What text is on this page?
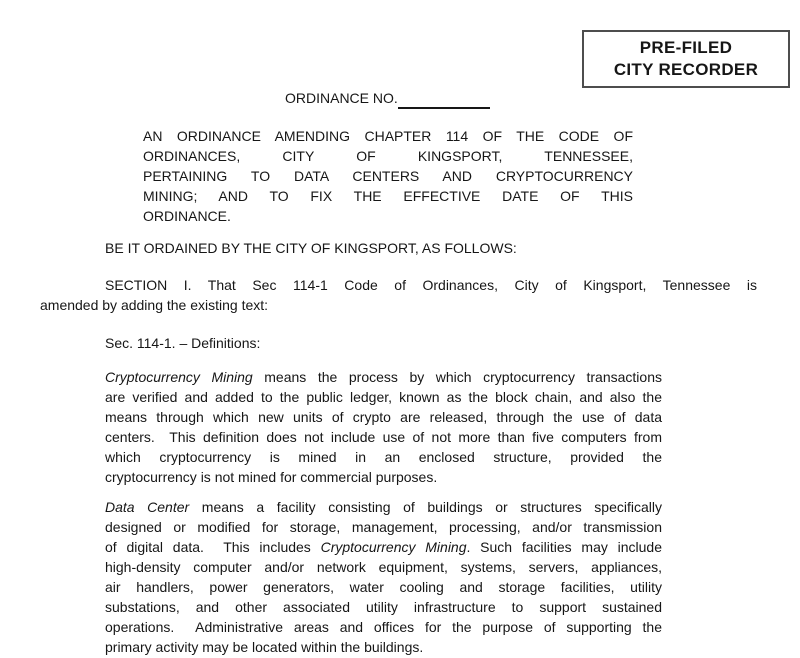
PRE-FILED
CITY RECORDER
ORDINANCE NO.
AN ORDINANCE AMENDING CHAPTER 114 OF THE CODE OF
ORDINANCES, CITY OF KINGSPORT, TENNESSEE,
PERTAINING TO DATA CENTERS AND CRYPTOCURRENCY
MINING; AND TO FIX THE EFFECTIVE DATE OF THIS
ORDINANCE.
BE IT ORDAINED BY THE CITY OF KINGSPORT, AS FOLLOWS:
SECTION I. That Sec 114-1 Code of Ordinances, City of Kingsport, Tennessee is
amended by adding the existing text:
Sec. 114-1. – Definitions:
Cryptocurrency Mining means the process by which cryptocurrency transactions
are verified and added to the public ledger, known as the block chain, and also the
means through which new units of crypto are released, through the use of data
centers.  This definition does not include use of not more than five computers from
which cryptocurrency is mined in an enclosed structure, provided the
cryptocurrency is not mined for commercial purposes.
Data Center means a facility consisting of buildings or structures specifically
designed or modified for storage, management, processing, and/or transmission
of digital data.  This includes Cryptocurrency Mining. Such facilities may include
high-density computer and/or network equipment, systems, servers, appliances,
air handlers, power generators, water cooling and storage facilities, utility
substations, and other associated utility infrastructure to support sustained
operations.  Administrative areas and offices for the purpose of supporting the
primary activity may be located within the buildings.
